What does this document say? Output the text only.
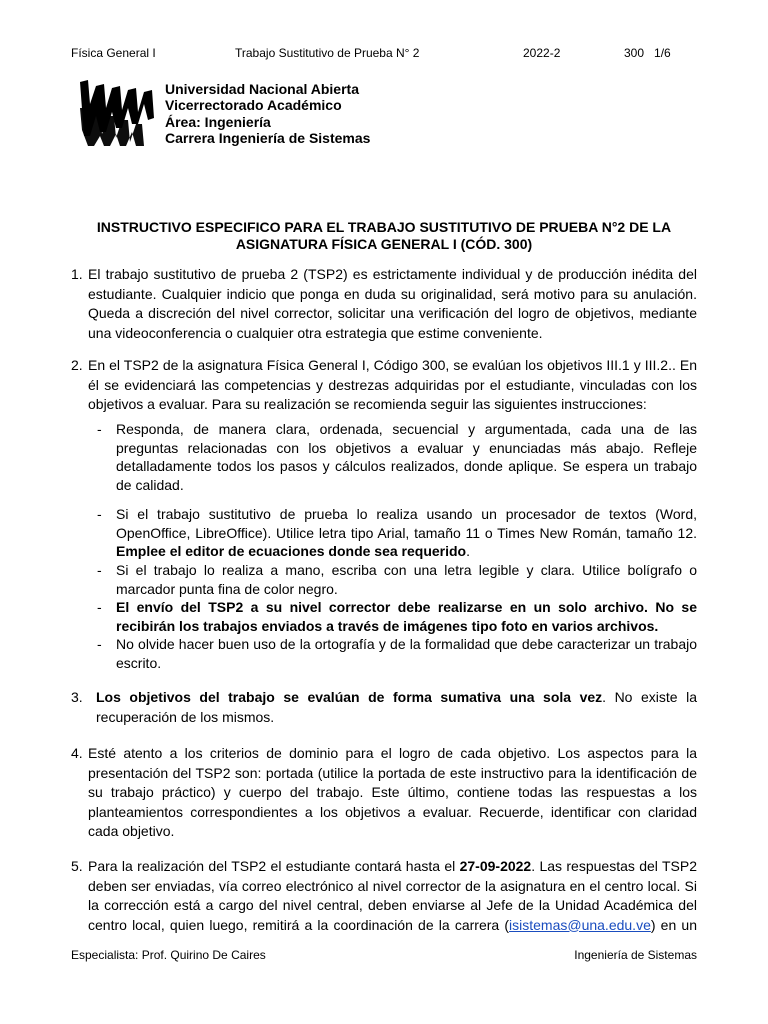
Física General I	Trabajo Sustitutivo de Prueba N° 2	2022-2	300   1/6
Universidad Nacional Abierta
Vicerrectorado Académico
Área: Ingeniería
Carrera Ingeniería de Sistemas
INSTRUCTIVO ESPECIFICO PARA EL TRABAJO SUSTITUTIVO DE PRUEBA N°2 DE LA
ASIGNATURA FÍSICA GENERAL I (CÓD. 300)
1. El trabajo sustitutivo de prueba 2 (TSP2) es estrictamente individual y de producción inédita del estudiante. Cualquier indicio que ponga en duda su originalidad, será motivo para su anulación. Queda a discreción del nivel corrector, solicitar una verificación del logro de objetivos, mediante una videoconferencia o cualquier otra estrategia que estime conveniente.
2. En el TSP2 de la asignatura Física General I, Código 300, se evalúan los objetivos III.1 y III.2.. En él se evidenciará las competencias y destrezas adquiridas por el estudiante, vinculadas con los objetivos a evaluar. Para su realización se recomienda seguir las siguientes instrucciones:
- Responda, de manera clara, ordenada, secuencial y argumentada, cada una de las preguntas relacionadas con los objetivos a evaluar y enunciadas más abajo. Refleje detalladamente todos los pasos y cálculos realizados, donde aplique. Se espera un trabajo de calidad.
- Si el trabajo sustitutivo de prueba lo realiza usando un procesador de textos (Word, OpenOffice, LibreOffice). Utilice letra tipo Arial, tamaño 11 o Times New Román, tamaño 12. Emplee el editor de ecuaciones donde sea requerido.
- Si el trabajo lo realiza a mano, escriba con una letra legible y clara. Utilice bolígrafo o marcador punta fina de color negro.
- El envío del TSP2 a su nivel corrector debe realizarse en un solo archivo. No se recibirán los trabajos enviados a través de imágenes tipo foto en varios archivos.
- No olvide hacer buen uso de la ortografía y de la formalidad que debe caracterizar un trabajo escrito.
3. Los objetivos del trabajo se evalúan de forma sumativa una sola vez. No existe la recuperación de los mismos.
4. Esté atento a los criterios de dominio para el logro de cada objetivo. Los aspectos para la presentación del TSP2 son: portada (utilice la portada de este instructivo para la identificación de su trabajo práctico) y cuerpo del trabajo. Este último, contiene todas las respuestas a los planteamientos correspondientes a los objetivos a evaluar. Recuerde, identificar con claridad cada objetivo.
5. Para la realización del TSP2 el estudiante contará hasta el 27-09-2022. Las respuestas del TSP2 deben ser enviadas, vía correo electrónico al nivel corrector de la asignatura en el centro local. Si la corrección está a cargo del nivel central, deben enviarse al Jefe de la Unidad Académica del centro local, quien luego, remitirá a la coordinación de la carrera (isistemas@una.edu.ve) en un
Especialista: Prof. Quirino De Caires	Ingeniería de Sistemas
